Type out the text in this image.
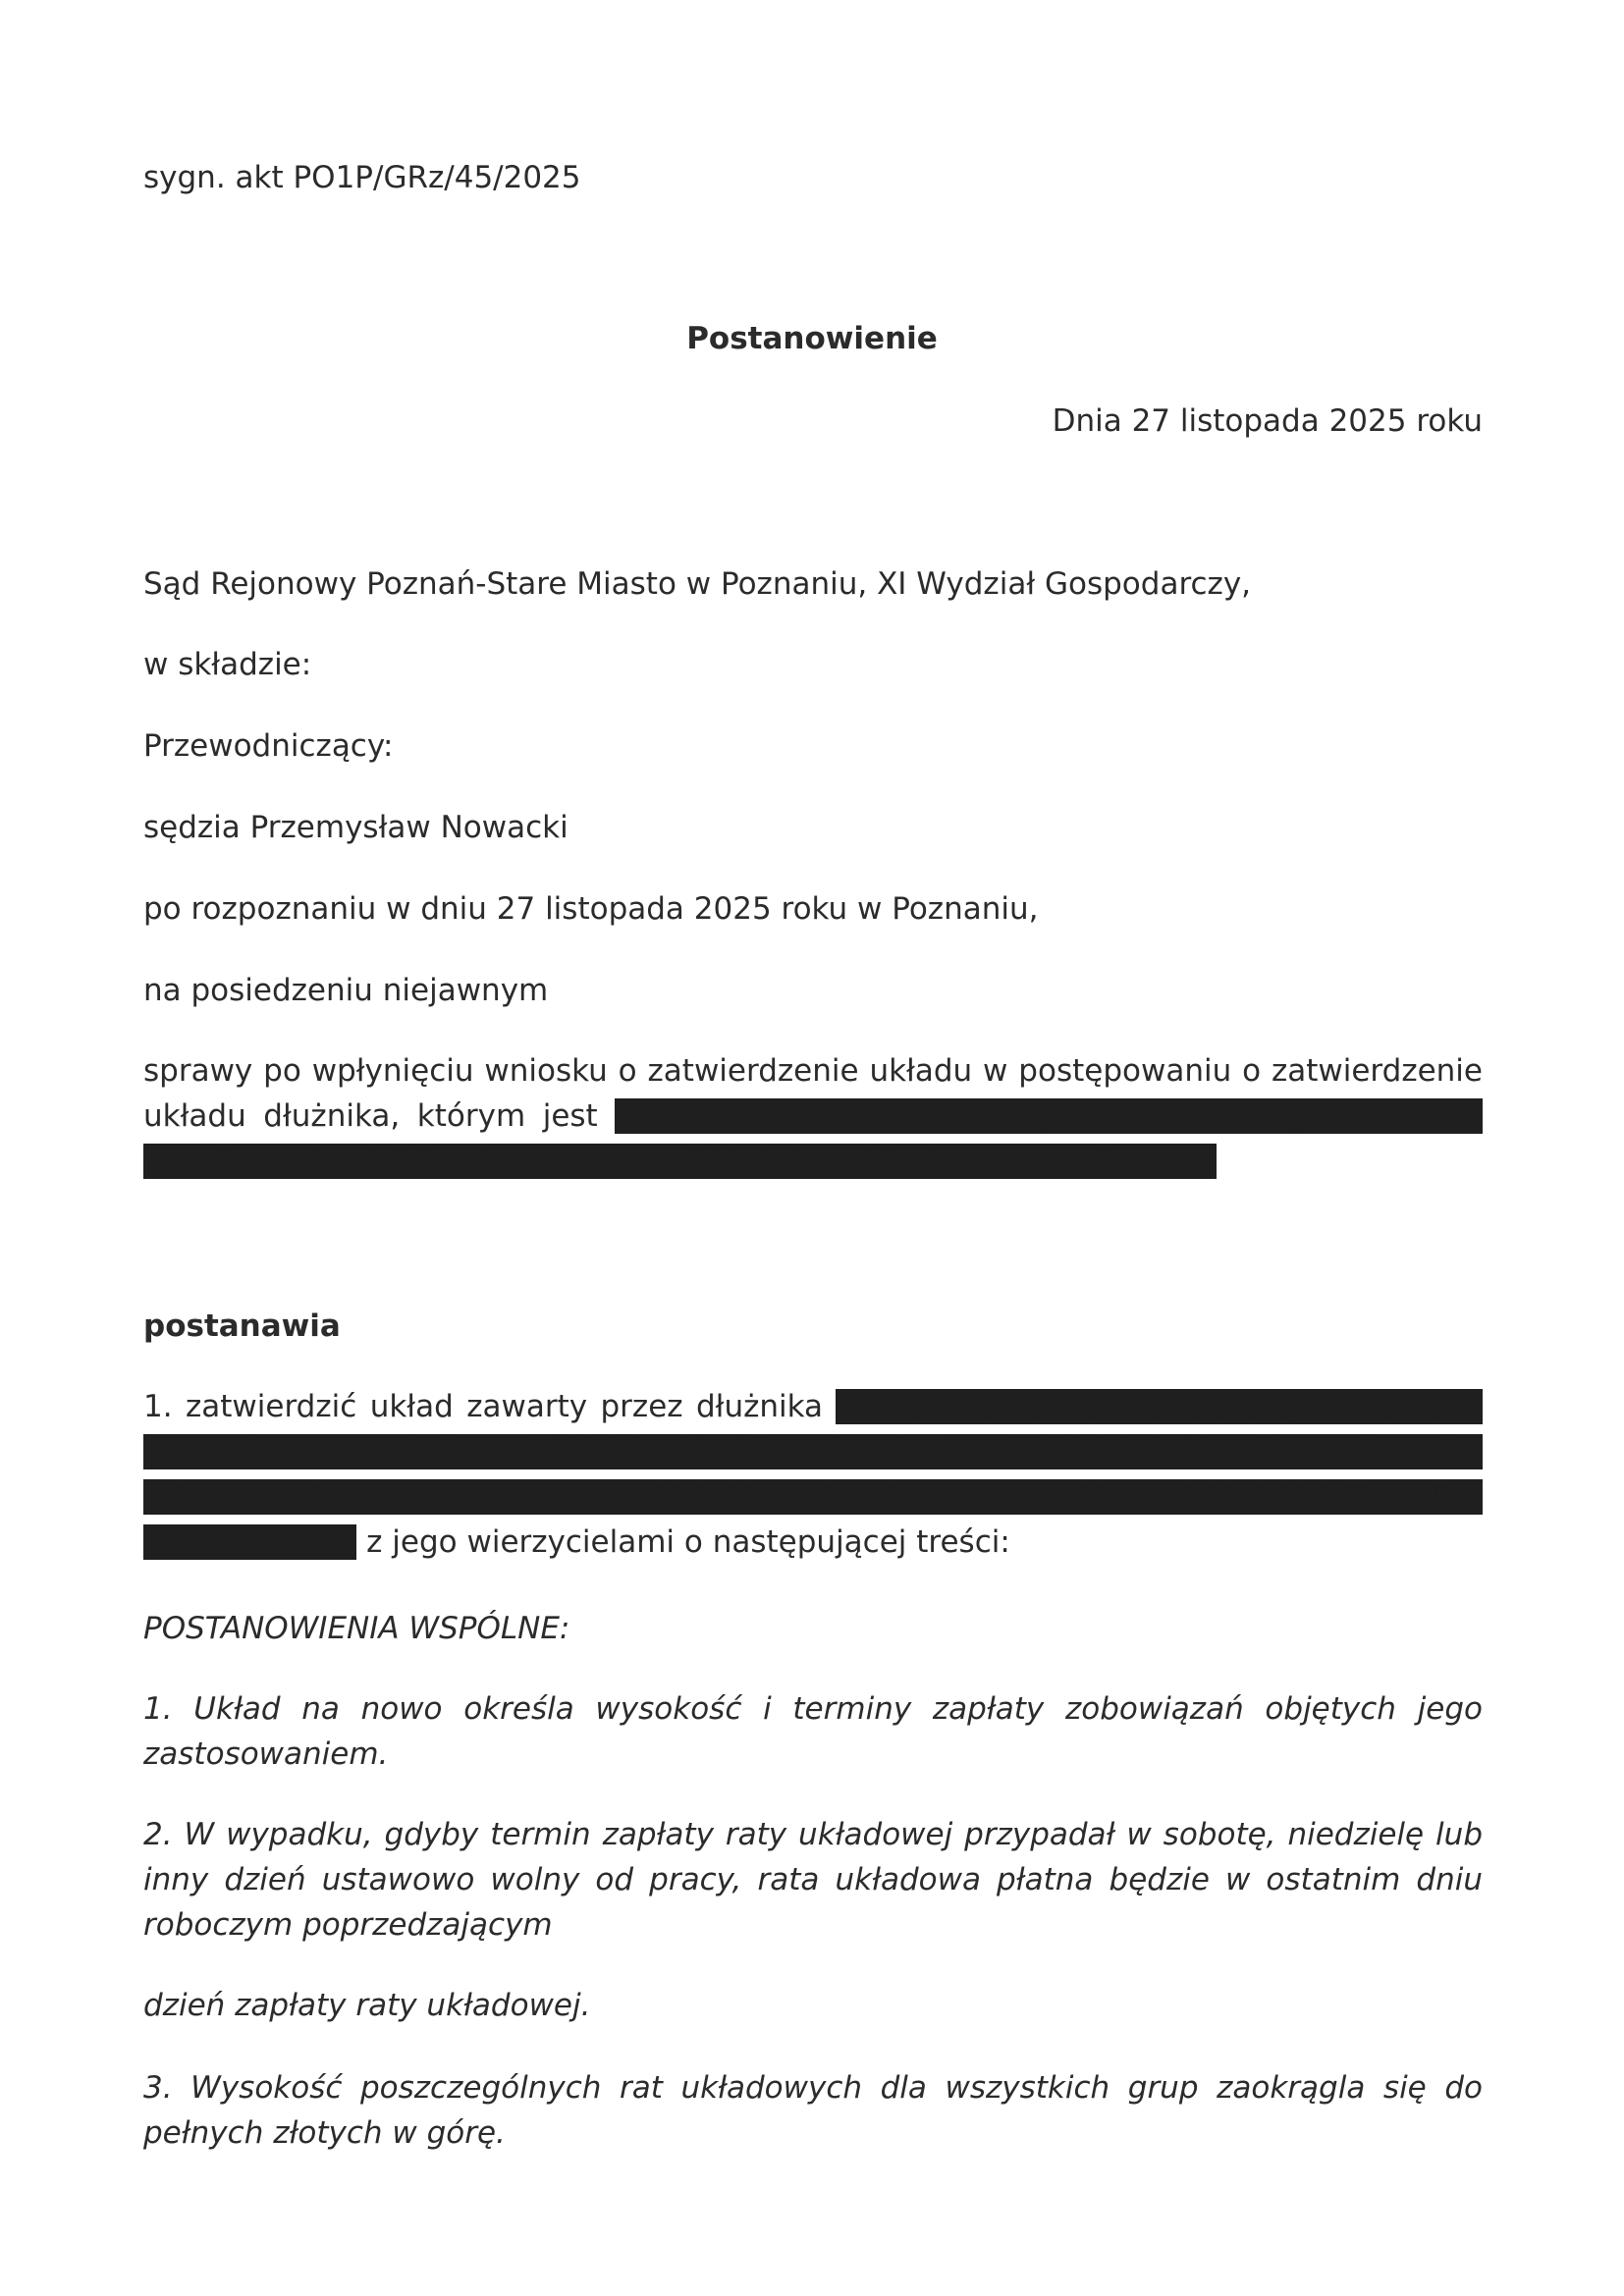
sygn. akt PO1P/GRz/45/2025
Postanowienie
Dnia 27 listopada 2025 roku
Sąd Rejonowy Poznań-Stare Miasto w Poznaniu, XI Wydział Gospodarczy,
w składzie:
Przewodniczący:
sędzia Przemysław Nowacki
po rozpoznaniu w dniu 27 listopada 2025 roku w Poznaniu,
na posiedzeniu niejawnym
sprawy po wpłynięciu wniosku o zatwierdzenie układu w postępowaniu o zatwierdzenie układu dłużnika, którym jest Wioletta Serocka prowadzący działalność gospodarczą pod firmą SEROCCY 717 BUDOWNICTWO DROGOWE Wioletta Serocka
postanawia
1. zatwierdzić układ zawarty przez dłużnika Wiolettę Serocką prowadzącą działalność gospodarczą pod firmą SEROCCY 717 BUDOWNICTWO DROGOWE Wioletta Serocka adres: Zdziechowa nr 55, 62-200 Zdziechowa (PESEL: 70092309401, NIP: 7841963189) z jego wierzycielami o następującej treści:
POSTANOWIENIA WSPÓLNE:
1. Układ na nowo określa wysokość i terminy zapłaty zobowiązań objętych jego zastosowaniem.
2. W wypadku, gdyby termin zapłaty raty układowej przypadał w sobotę, niedzielę lub inny dzień ustawowo wolny od pracy, rata układowa płatna będzie w ostatnim dniu roboczym poprzedzającym
dzień zapłaty raty układowej.
3. Wysokość poszczególnych rat układowych dla wszystkich grup zaokrągla się do pełnych złotych w górę.
